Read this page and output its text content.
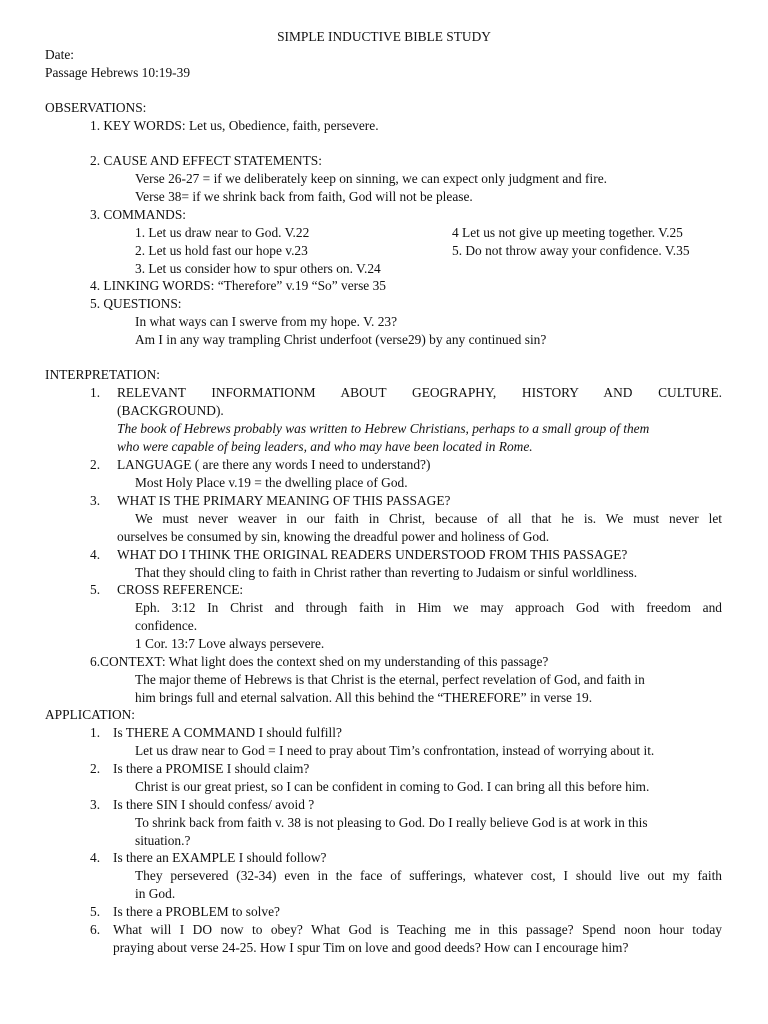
SIMPLE INDUCTIVE BIBLE STUDY
Date:
Passage Hebrews 10:19-39
OBSERVATIONS:
1. KEY WORDS: Let us, Obedience, faith, persevere.
2. CAUSE AND EFFECT STATEMENTS:
Verse 26-27 = if we deliberately keep on sinning, we can expect only judgment and fire.
Verse 38= if we shrink back from faith, God will not be please.
3. COMMANDS:
1. Let us draw near to God. V.22	4 Let us not give up meeting together. V.25
2. Let us hold fast our hope v.23	5. Do not throw away your confidence. V.35
3. Let us consider how to spur others on. V.24
4. LINKING WORDS: “Therefore” v.19 “So” verse 35
5. QUESTIONS:
In what ways can I swerve from my hope. V. 23?
Am I in any way trampling Christ underfoot (verse29) by any continued sin?
INTERPRETATION:
1. RELEVANT INFORMATIONM ABOUT GEOGRAPHY, HISTORY AND CULTURE.
(BACKGROUND).
The book of Hebrews probably was written to Hebrew Christians, perhaps to a small group of them
who were capable of being leaders, and who may have been located in Rome.
2. LANGUAGE ( are there any words I need to understand?)
Most Holy Place v.19 = the dwelling place of God.
3. WHAT IS THE PRIMARY MEANING OF THIS PASSAGE?
We must never weaver in our faith in Christ, because of all that he is. We must never let
ourselves be consumed by sin, knowing the dreadful power and holiness of God.
4. WHAT DO I THINK THE ORIGINAL READERS UNDERSTOOD FROM THIS PASSAGE?
That they should cling to faith in Christ rather than reverting to Judaism or sinful worldliness.
5. CROSS REFERENCE:
Eph. 3:12 In Christ and through faith in Him we may approach God with freedom and
confidence.
1 Cor. 13:7 Love always persevere.
6.CONTEXT: What light does the context shed on my understanding of this passage?
The major theme of Hebrews is that Christ is the eternal, perfect revelation of God, and faith in
him brings full and eternal salvation. All this behind the “THEREFORE” in verse 19.
APPLICATION:
1. Is THERE A COMMAND I should fulfill?
Let us draw near to God = I need to pray about Tim’s confrontation, instead of worrying about it.
2. Is there a PROMISE I should claim?
Christ is our great priest, so I can be confident in coming to God. I can bring all this before him.
3. Is there SIN I should confess/ avoid ?
To shrink back from faith v. 38 is not pleasing to God. Do I really believe God is at work in this
situation.?
4. Is there an EXAMPLE I should follow?
They persevered (32-34) even in the face of sufferings, whatever cost, I should live out my faith
in God.
5. Is there a PROBLEM to solve?
6. What will I DO now to obey? What God is Teaching me in this passage? Spend noon hour today
praying about verse 24-25. How I spur Tim on love and good deeds? How can I encourage him?
